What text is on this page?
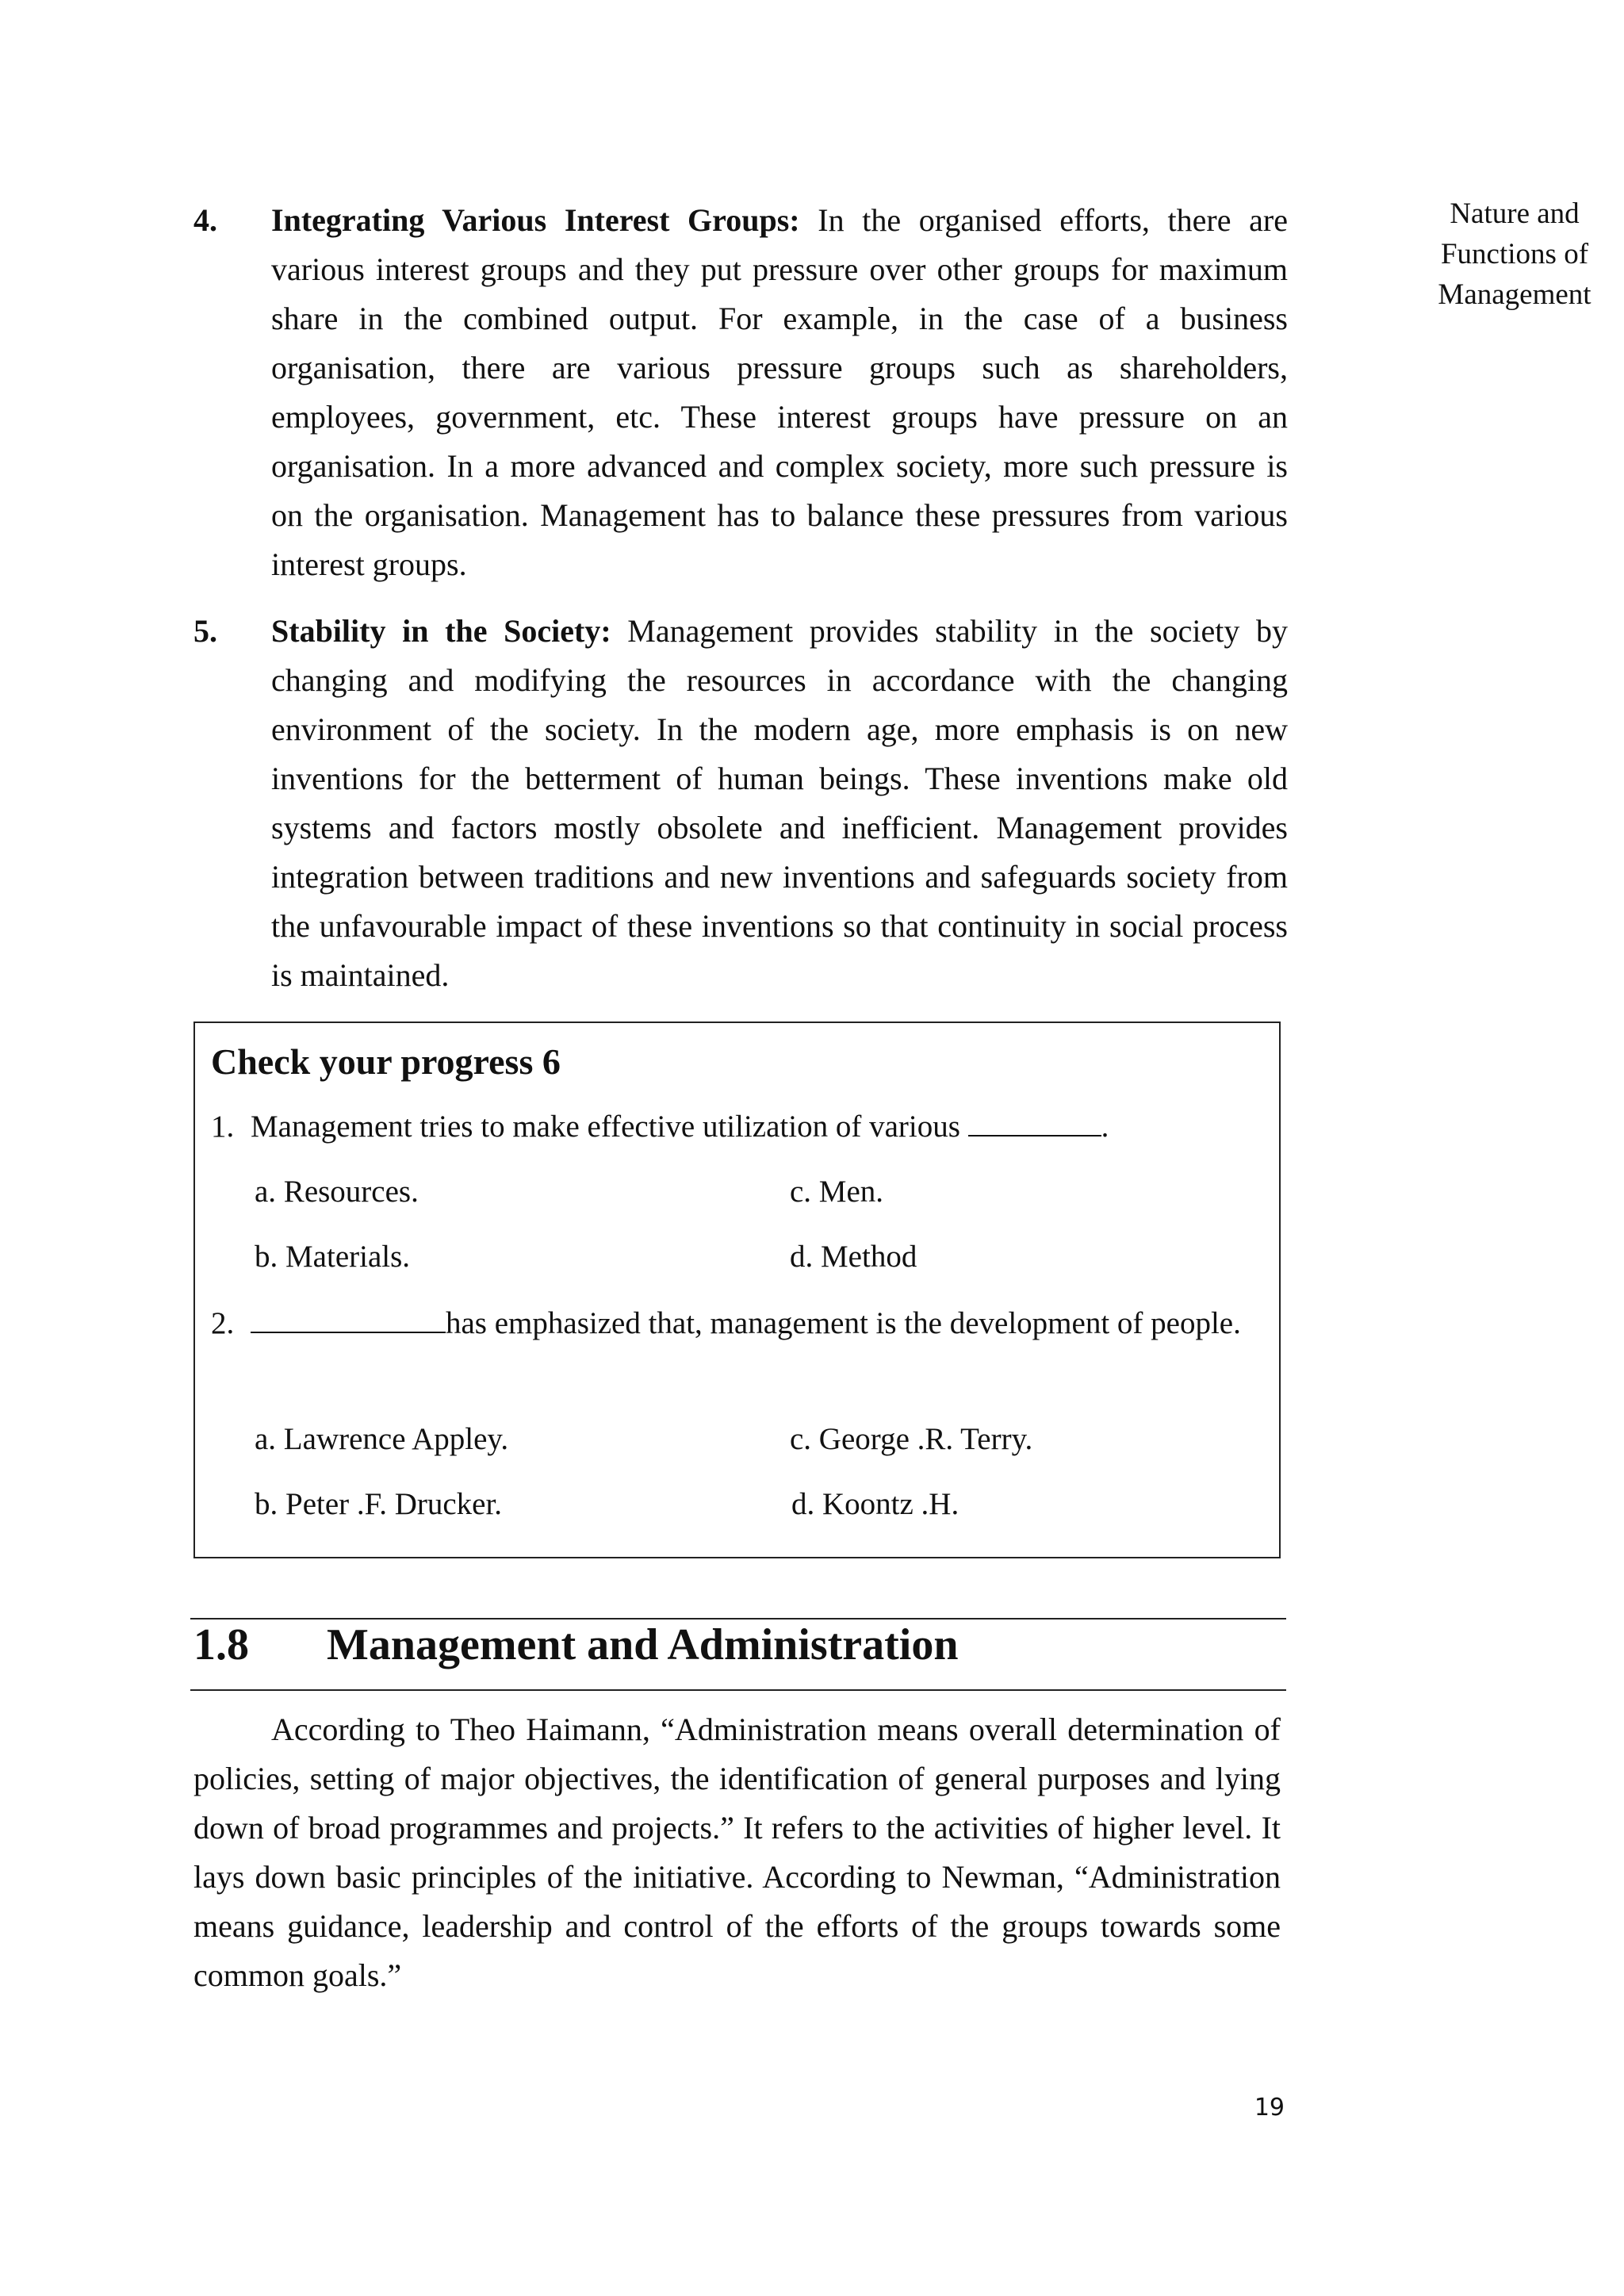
Nature and
Functions of
Management
4. Integrating Various Interest Groups: In the organised efforts, there are various interest groups and they put pressure over other groups for maximum share in the combined output. For example, in the case of a business organisation, there are various pressure groups such as shareholders, employees, government, etc. These interest groups have pressure on an organisation. In a more advanced and complex society, more such pressure is on the organisation. Management has to balance these pressures from various interest groups.
5. Stability in the Society: Management provides stability in the society by changing and modifying the resources in accordance with the changing environment of the society. In the modern age, more emphasis is on new inventions for the betterment of human beings. These inventions make old systems and factors mostly obsolete and inefficient. Management provides integration between traditions and new inventions and safeguards society from the unfavourable impact of these inventions so that continuity in social process is maintained.
Check your progress 6
1. Management tries to make effective utilization of various	.
a. Resources.	c. Men.
b. Materials.	d. Method
2.	has emphasized that, management is the development of people.
a. Lawrence Appley.	c. George .R. Terry.
b. Peter .F. Drucker.	d. Koontz .H.
1.8 Management and Administration
According to Theo Haimann, “Administration means overall determination of policies, setting of major objectives, the identification of general purposes and lying down of broad programmes and projects.” It refers to the activities of higher level. It lays down basic principles of the initiative. According to Newman, “Administration means guidance, leadership and control of the efforts of the groups towards some common goals.”
19
